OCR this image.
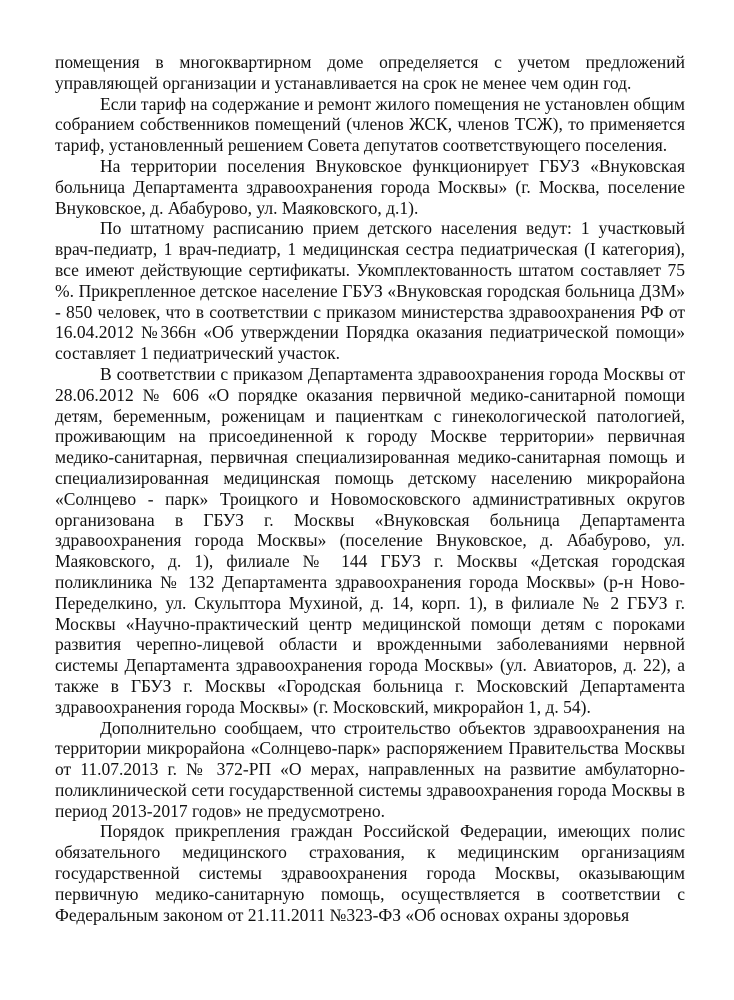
помещения в многоквартирном доме определяется с учетом предложений управляющей организации и устанавливается на срок не менее чем один год.

Если тариф на содержание и ремонт жилого помещения не установлен общим собранием собственников помещений (членов ЖСК, членов ТСЖ), то применяется тариф, установленный решением Совета депутатов соответствующего поселения.

На территории поселения Внуковское функционирует ГБУЗ «Внуковская больница Департамента здравоохранения города Москвы» (г. Москва, поселение Внуковское, д. Абабурово, ул. Маяковского, д.1).

По штатному расписанию прием детского населения ведут: 1 участковый врач-педиатр, 1 врач-педиатр, 1 медицинская сестра педиатрическая (I категория), все имеют действующие сертификаты. Укомплектованность штатом составляет 75 %. Прикрепленное детское население ГБУЗ «Внуковская городская больница ДЗМ» - 850 человек, что в соответствии с приказом министерства здравоохранения РФ от 16.04.2012 №366н «Об утверждении Порядка оказания педиатрической помощи» составляет 1 педиатрический участок.

В соответствии с приказом Департамента здравоохранения города Москвы от 28.06.2012 № 606 «О порядке оказания первичной медико-санитарной помощи детям, беременным, роженицам и пациенткам с гинекологической патологией, проживающим на присоединенной к городу Москве территории» первичная медико-санитарная, первичная специализированная медико-санитарная помощь и специализированная медицинская помощь детскому населению микрорайона «Солнцево - парк» Троицкого и Новомосковского административных округов организована в ГБУЗ г. Москвы «Внуковская больница Департамента здравоохранения города Москвы» (поселение Внуковское, д. Абабурово, ул. Маяковского, д. 1), филиале № 144 ГБУЗ г. Москвы «Детская городская поликлиника № 132 Департамента здравоохранения города Москвы» (р-н Ново-Переделкино, ул. Скульптора Мухиной, д. 14, корп. 1), в филиале № 2 ГБУЗ г. Москвы «Научно-практический центр медицинской помощи детям с пороками развития черепно-лицевой области и врожденными заболеваниями нервной системы Департамента здравоохранения города Москвы» (ул. Авиаторов, д. 22), а также в ГБУЗ г. Москвы «Городская больница г. Московский Департамента здравоохранения города Москвы» (г. Московский, микрорайон 1, д. 54).

Дополнительно сообщаем, что строительство объектов здравоохранения на территории микрорайона «Солнцево-парк» распоряжением Правительства Москвы от 11.07.2013 г. № 372-РП «О мерах, направленных на развитие амбулаторно-поликлинической сети государственной системы здравоохранения города Москвы в период 2013-2017 годов» не предусмотрено.

Порядок прикрепления граждан Российской Федерации, имеющих полис обязательного медицинского страхования, к медицинским организациям государственной системы здравоохранения города Москвы, оказывающим первичную медико-санитарную помощь, осуществляется в соответствии с Федеральным законом от 21.11.2011 №323-ФЗ «Об основах охраны здоровья
